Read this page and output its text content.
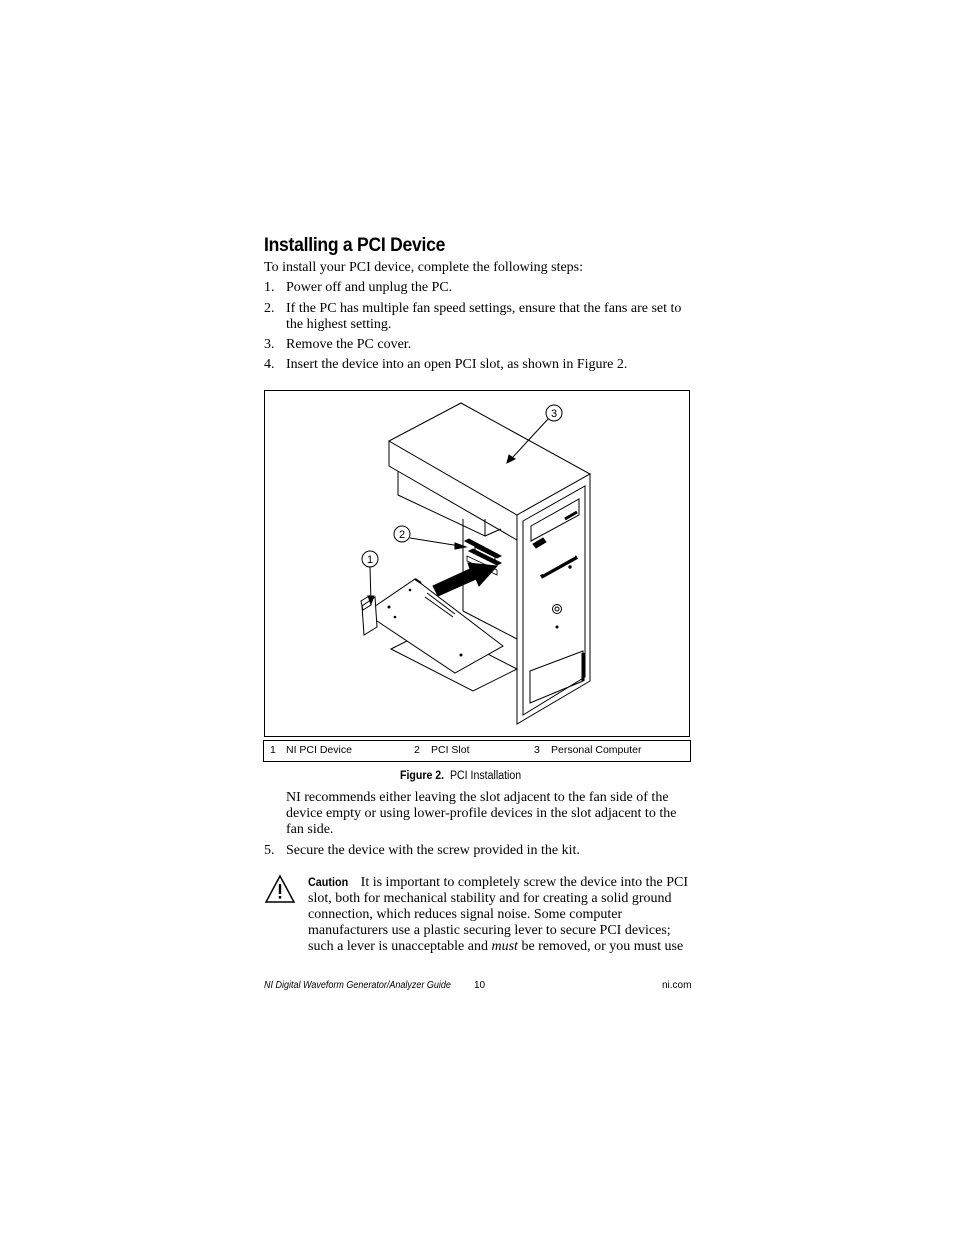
Installing a PCI Device
To install your PCI device, complete the following steps:
1. Power off and unplug the PC.
2. If the PC has multiple fan speed settings, ensure that the fans are set to the highest setting.
3. Remove the PC cover.
4. Insert the device into an open PCI slot, as shown in Figure 2.
1
2
3
1 NI PCI Device	2 PCI Slot	3 Personal Computer
Figure 2. PCI Installation
NI recommends either leaving the slot adjacent to the fan side of the device empty or using lower-profile devices in the slot adjacent to the fan side.
5. Secure the device with the screw provided in the kit.
Caution It is important to completely screw the device into the PCI slot, both for mechanical stability and for creating a solid ground connection, which reduces signal noise. Some computer manufacturers use a plastic securing lever to secure PCI devices; such a lever is unacceptable and must be removed, or you must use
NI Digital Waveform Generator/Analyzer Guide 10	ni.com
